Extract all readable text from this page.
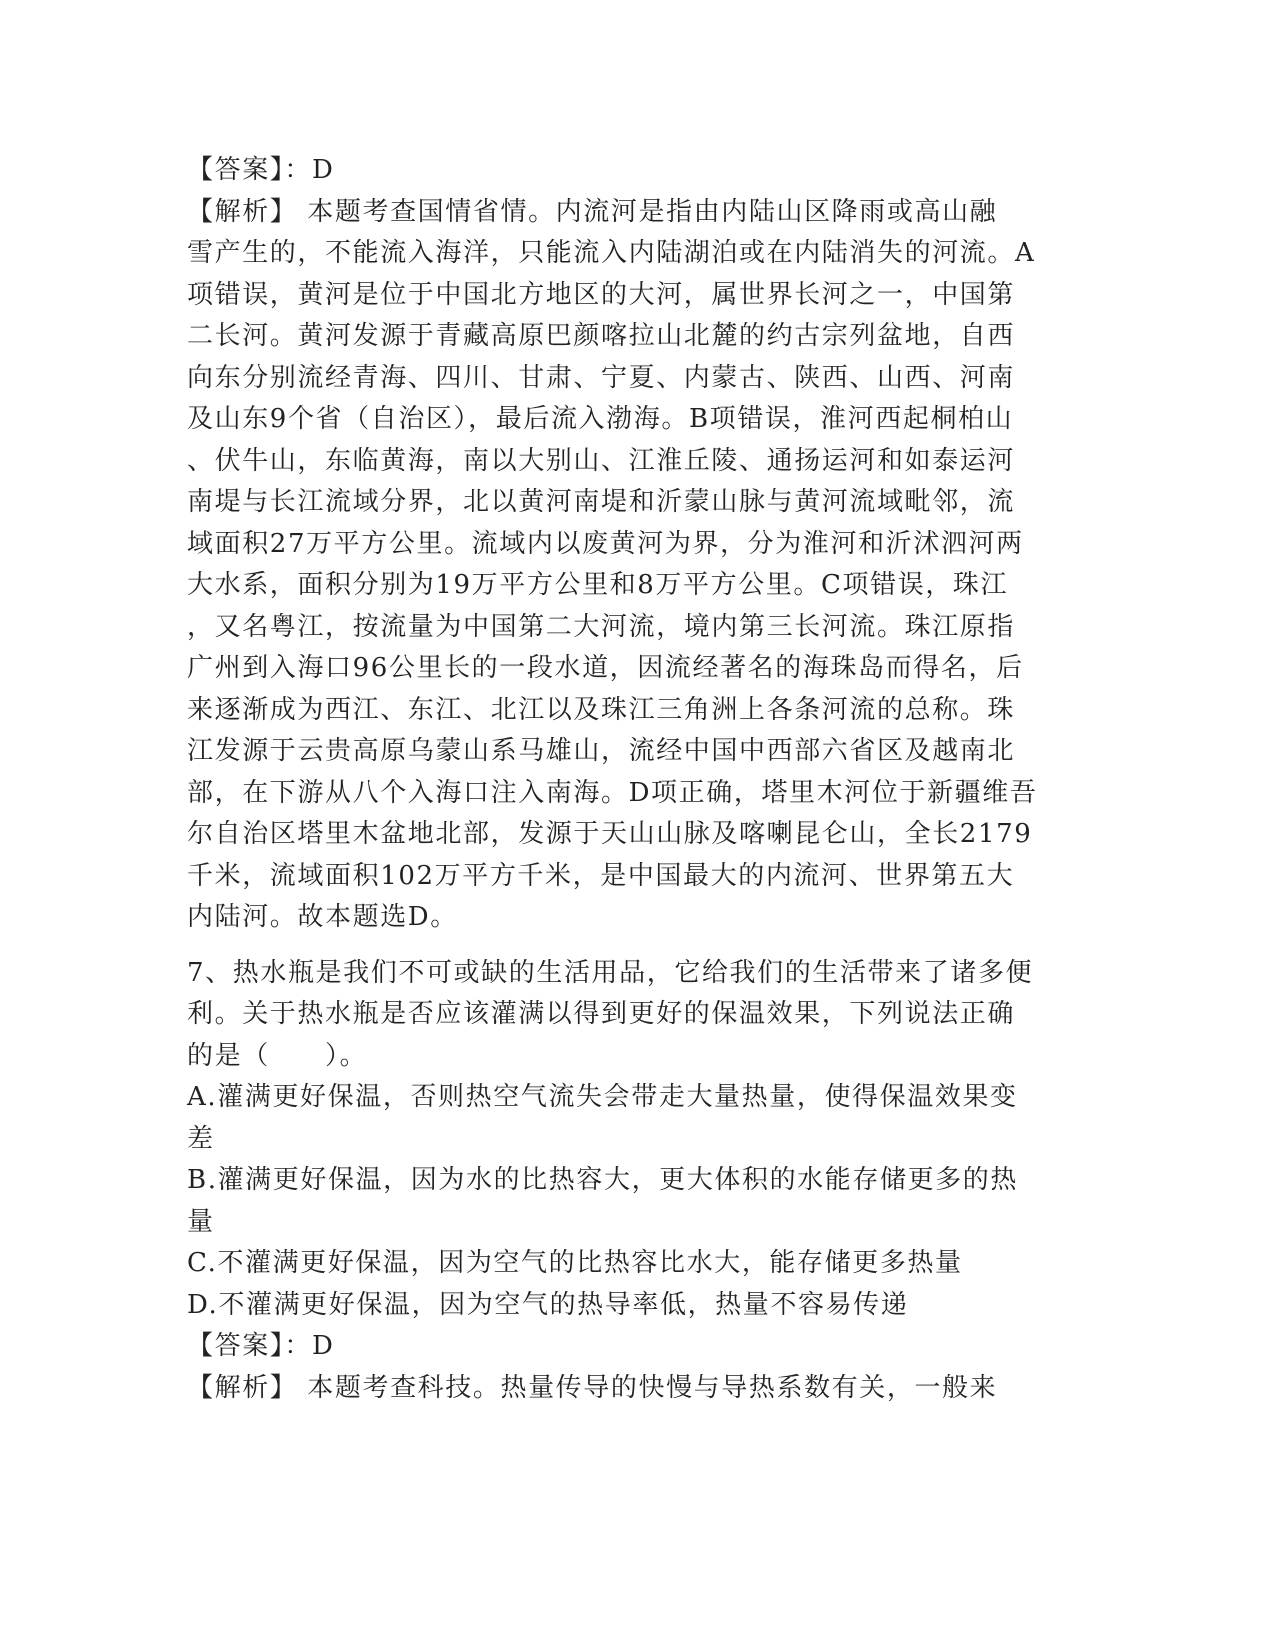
【答案】：D
【解析】 本题考查国情省情。内流河是指由内陆山区降雨或高山融
雪产生的，不能流入海洋，只能流入内陆湖泊或在内陆消失的河流。A
项错误，黄河是位于中国北方地区的大河，属世界长河之一，中国第
二长河。黄河发源于青藏高原巴颜喀拉山北麓的约古宗列盆地，自西
向东分别流经青海、四川、甘肃、宁夏、内蒙古、陕西、山西、河南
及山东9个省（自治区），最后流入渤海。B项错误，淮河西起桐柏山
、伏牛山，东临黄海，南以大别山、江淮丘陵、通扬运河和如泰运河
南堤与长江流域分界，北以黄河南堤和沂蒙山脉与黄河流域毗邻，流
域面积27万平方公里。流域内以废黄河为界，分为淮河和沂沭泗河两
大水系，面积分别为19万平方公里和8万平方公里。C项错误，珠江
，又名粤江，按流量为中国第二大河流，境内第三长河流。珠江原指
广州到入海口96公里长的一段水道，因流经著名的海珠岛而得名，后
来逐渐成为西江、东江、北江以及珠江三角洲上各条河流的总称。珠
江发源于云贵高原乌蒙山系马雄山，流经中国中西部六省区及越南北
部，在下游从八个入海口注入南海。D项正确，塔里木河位于新疆维吾
尔自治区塔里木盆地北部，发源于天山山脉及喀喇昆仑山，全长2179
千米，流域面积102万平方千米，是中国最大的内流河、世界第五大
内陆河。故本题选D。
7、热水瓶是我们不可或缺的生活用品，它给我们的生活带来了诸多便
利。关于热水瓶是否应该灌满以得到更好的保温效果，下列说法正确
的是（　　）。
A.灌满更好保温，否则热空气流失会带走大量热量，使得保温效果变
差
B.灌满更好保温，因为水的比热容大，更大体积的水能存储更多的热
量
C.不灌满更好保温，因为空气的比热容比水大，能存储更多热量
D.不灌满更好保温，因为空气的热导率低，热量不容易传递
【答案】：D
【解析】 本题考查科技。热量传导的快慢与导热系数有关，一般来
